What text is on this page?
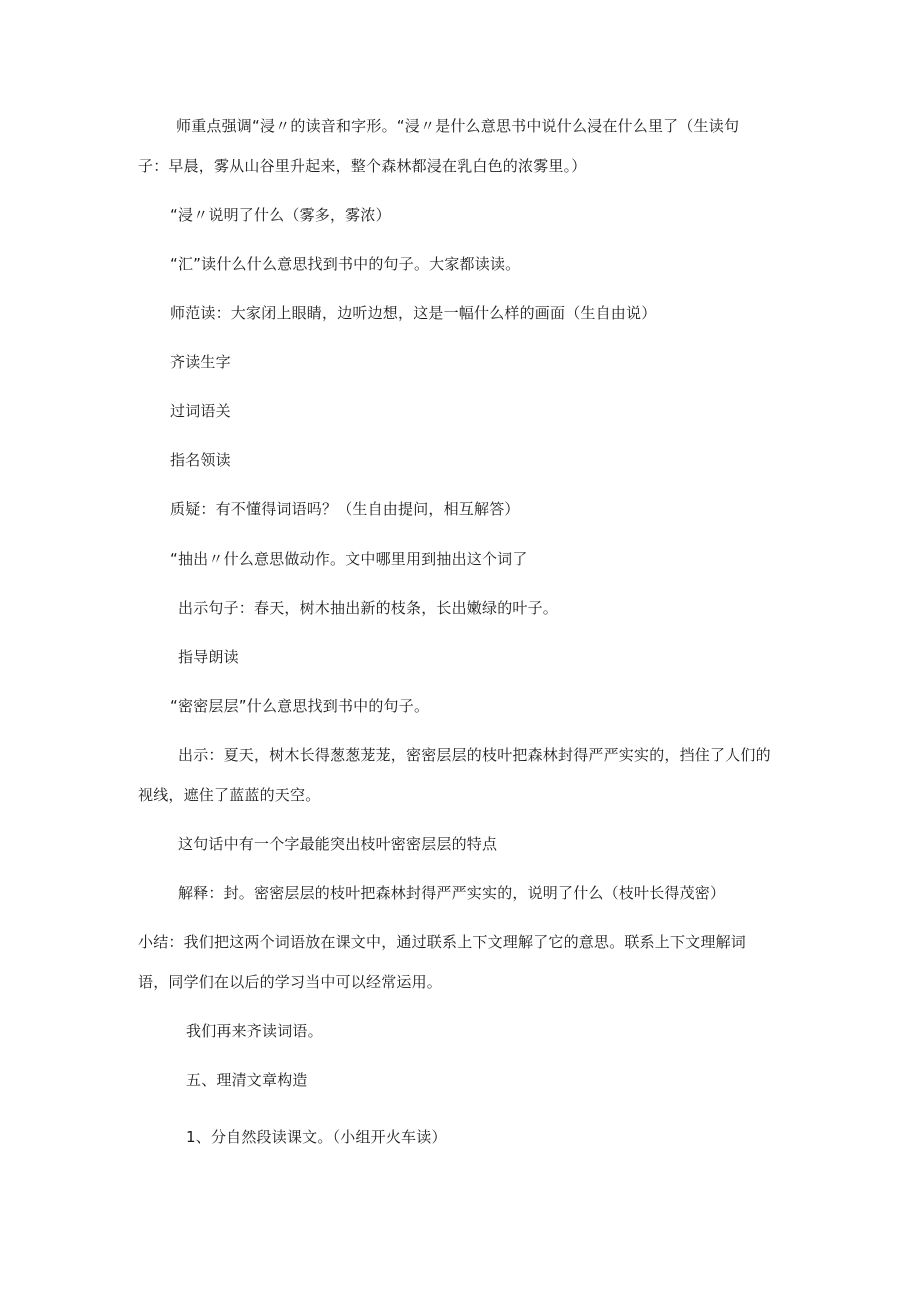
师重点强调“浸〃的读音和字形。“浸〃是什么意思书中说什么浸在什么里了（生读句
子：早晨，雾从山谷里升起来，整个森林都浸在乳白色的浓雾里。）
“浸〃说明了什么（雾多，雾浓）
“汇”读什么什么意思找到书中的句子。大家都读读。
师范读：大家闭上眼睛，边听边想，这是一幅什么样的画面（生自由说）
齐读生字
过词语关
指名领读
质疑：有不懂得词语吗？（生自由提问，相互解答）
“抽出〃什么意思做动作。文中哪里用到抽出这个词了
出示句子：春天，树木抽出新的枝条，长出嫩绿的叶子。
指导朗读
“密密层层”什么意思找到书中的句子。
出示：夏天，树木长得葱葱茏茏，密密层层的枝叶把森林封得严严实实的，挡住了人们的
视线，遮住了蓝蓝的天空。
这句话中有一个字最能突出枝叶密密层层的特点
解释：封。密密层层的枝叶把森林封得严严实实的，说明了什么（枝叶长得茂密）
小结：我们把这两个词语放在课文中，通过联系上下文理解了它的意思。联系上下文理解词
语，同学们在以后的学习当中可以经常运用。
我们再来齐读词语。
五、理清文章构造
1、分自然段读课文。（小组开火车读）
